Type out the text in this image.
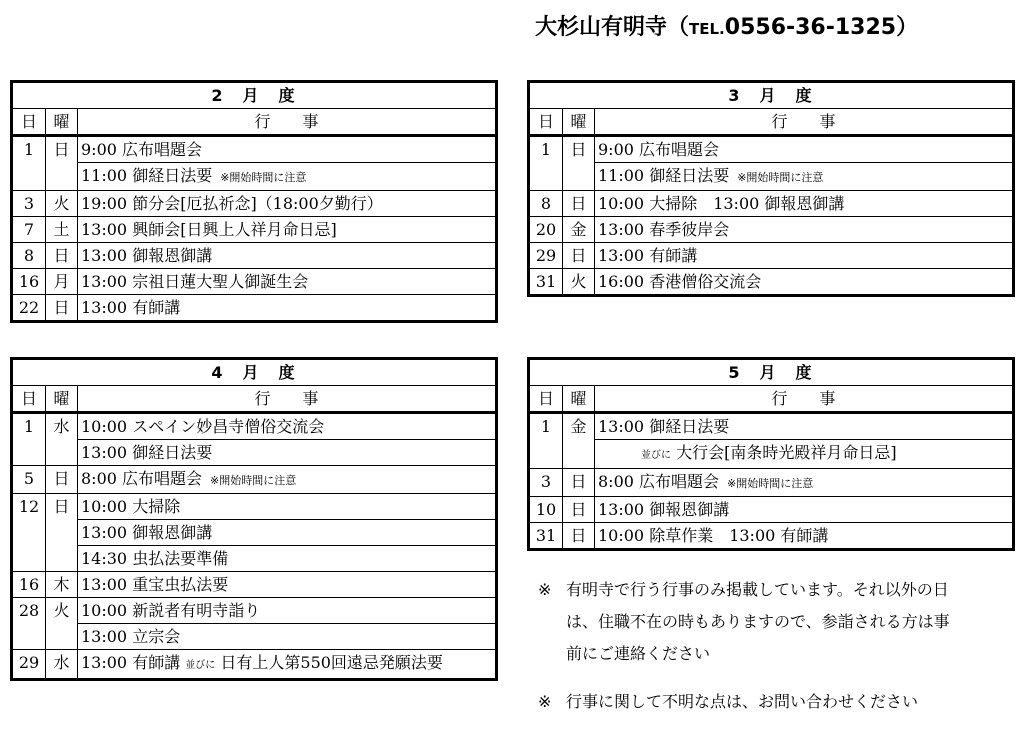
大杉山有明寺（TEL.0556-36-1325）
2　月　度		
日	曜	行　　事
1	日	9:00 広布唱題会
		11:00 御経日法要 ※開始時間に注意
3	火	19:00 節分会[厄払祈念]（18:00夕勤行）
7	土	13:00 興師会[日興上人祥月命日忌]
8	日	13:00 御報恩御講
16	月	13:00 宗祖日蓮大聖人御誕生会
22	日	13:00 有師講
3　月　度		
日	曜	行　　事
1	日	9:00 広布唱題会
		11:00 御経日法要 ※開始時間に注意
8	日	10:00 大掃除　13:00 御報恩御講
20	金	13:00 春季彼岸会
29	日	13:00 有師講
31	火	16:00 香港僧俗交流会
4　月　度		
日	曜	行　　事
1	水	10:00 スペイン妙昌寺僧俗交流会
		13:00 御経日法要
5	日	8:00 広布唱題会 ※開始時間に注意
12	日	10:00 大掃除
		13:00 御報恩御講
		14:30 虫払法要準備
16	木	13:00 重宝虫払法要
28	火	10:00 新説者有明寺詣り
		13:00 立宗会
29	水	13:00 有師講 並びに 日有上人第550回遠忌発願法要
5　月　度		
日	曜	行　　事
1	金	13:00 御経日法要
		並びに 大行会[南条時光殿祥月命日忌]
3	日	8:00 広布唱題会 ※開始時間に注意
10	日	13:00 御報恩御講
31	日	10:00 除草作業　13:00 有師講
※ 有明寺で行う行事のみ掲載しています。それ以外の日
は、住職不在の時もありますので、参詣される方は事
前にご連絡ください
※ 行事に関して不明な点は、お問い合わせください
